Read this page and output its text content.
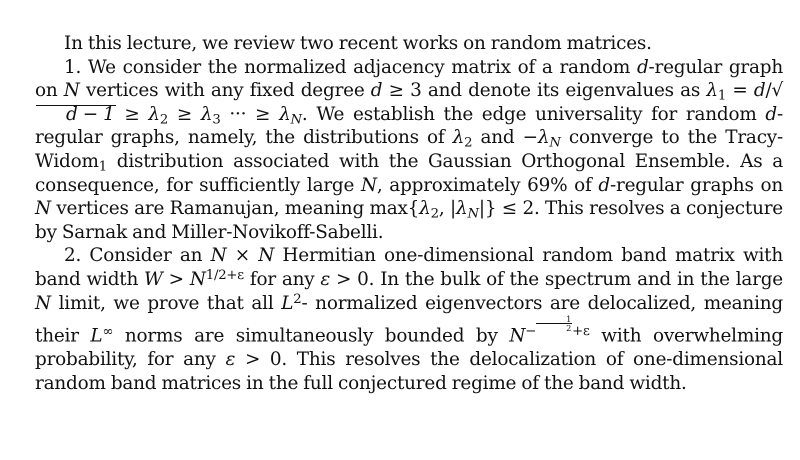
In this lecture, we review two recent works on random matrices.

1. We consider the normalized adjacency matrix of a random d-regular graph on N vertices with any fixed degree d ≥ 3 and denote its eigenvalues as $\lambda_1 = d/√d - 1 \ge \lambda_2 \ge \lambda_3$ ··· ≥ $\lambda_N$. We establish the edge universality for random d-regular graphs, namely, the distributions of $\lambda_2$ and $-\lambda_N$ converge to the Tracy-Widom$_1$ distribution associated with the Gaussian Orthogonal Ensemble. As a consequence, for sufficiently large N, approximately 69% of d-regular graphs on N vertices are Ramanujan, meaning $\max\{\lambda_2$, $|\lambda_N|\} \le 2$. This resolves a conjecture by Sarnak and Miller-Novikoff-Sabelli.

2. Consider an N × N Hermitian one-dimensional random band matrix with band width $W > N^{1/2+\varepsilon}$ for any ε > 0. In the bulk of the spectrum and in the large N limit, we prove that all $L^2-$ normalized eigenvectors are delocalized, meaning their L∞ norms are simultaneously bounded by $N^{- \frac{1}{2} +\varepsilon}$ with overwhelming probability, for any ε > 0. This resolves the delocalization of one-dimensional random band matrices in the full conjectured regime of the band width.
